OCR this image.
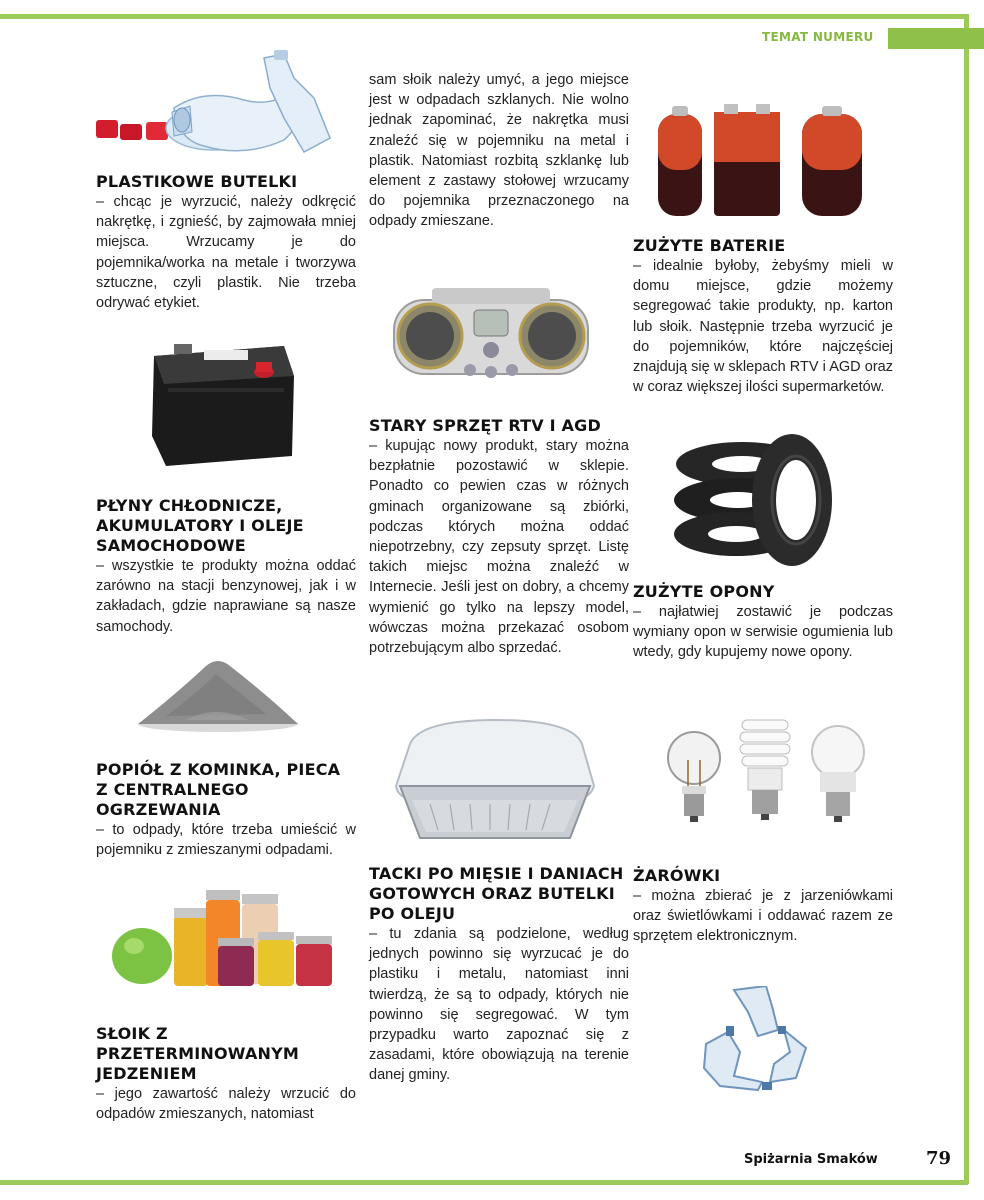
TEMAT NUMERU
PLASTIKOWE BUTELKI
– chcąc je wyrzucić, należy odkręcić nakrętkę, i zgnieść, by zajmowała mniej miejsca. Wrzucamy je do pojemnika/worka na metale i tworzywa sztuczne, czyli plastik. Nie trzeba odrywać etykiet.
PŁYNY CHŁODNICZE, AKUMULATORY I OLEJE SAMOCHODOWE
– wszystkie te produkty można oddać zarówno na stacji benzynowej, jak i w zakładach, gdzie naprawiane są nasze samochody.
POPIÓŁ Z KOMINKA, PIECA Z CENTRALNEGO OGRZEWANIA
– to odpady, które trzeba umieścić w pojemniku z zmieszanymi odpadami.
SŁOIK Z PRZETERMINOWANYM JEDZENIEM
– jego zawartość należy wrzucić do odpadów zmieszanych, natomiast
sam słoik należy umyć, a jego miejsce jest w odpadach szklanych. Nie wolno jednak zapominać, że nakrętka musi znaleźć się w pojemniku na metal i plastik. Natomiast rozbitą szklankę lub element z zastawy stołowej wrzucamy do pojemnika przeznaczonego na odpady zmieszane.
STARY SPRZĘT RTV I AGD
– kupując nowy produkt, stary można bezpłatnie pozostawić w sklepie. Ponadto co pewien czas w różnych gminach organizowane są zbiórki, podczas których można oddać niepotrzebny, czy zepsuty sprzęt. Listę takich miejsc można znaleźć w Internecie. Jeśli jest on dobry, a chcemy wymienić go tylko na lepszy model, wówczas można przekazać osobom potrzebującym albo sprzedać.
TACKI PO MIĘSIE I DANIACH GOTOWYCH ORAZ BUTELKI PO OLEJU
– tu zdania są podzielone, według jednych powinno się wyrzucać je do plastiku i metalu, natomiast inni twierdzą, że są to odpady, których nie powinno się segregować. W tym przypadku warto zapoznać się z zasadami, które obowiązują na terenie danej gminy.
ZUŻYTE BATERIE
– idealnie byłoby, żebyśmy mieli w domu miejsce, gdzie możemy segregować takie produkty, np. karton lub słoik. Następnie trzeba wyrzucić je do pojemników, które najczęściej znajdują się w sklepach RTV i AGD oraz w coraz większej ilości supermarketów.
ZUŻYTE OPONY
– najłatwiej zostawić je podczas wymiany opon w serwisie ogumienia lub wtedy, gdy kupujemy nowe opony.
ŻARÓWKI
– można zbierać je z jarzeniówkami oraz świetlówkami i oddawać razem ze sprzętem elektronicznym.
Spiżarnia Smaków	79
